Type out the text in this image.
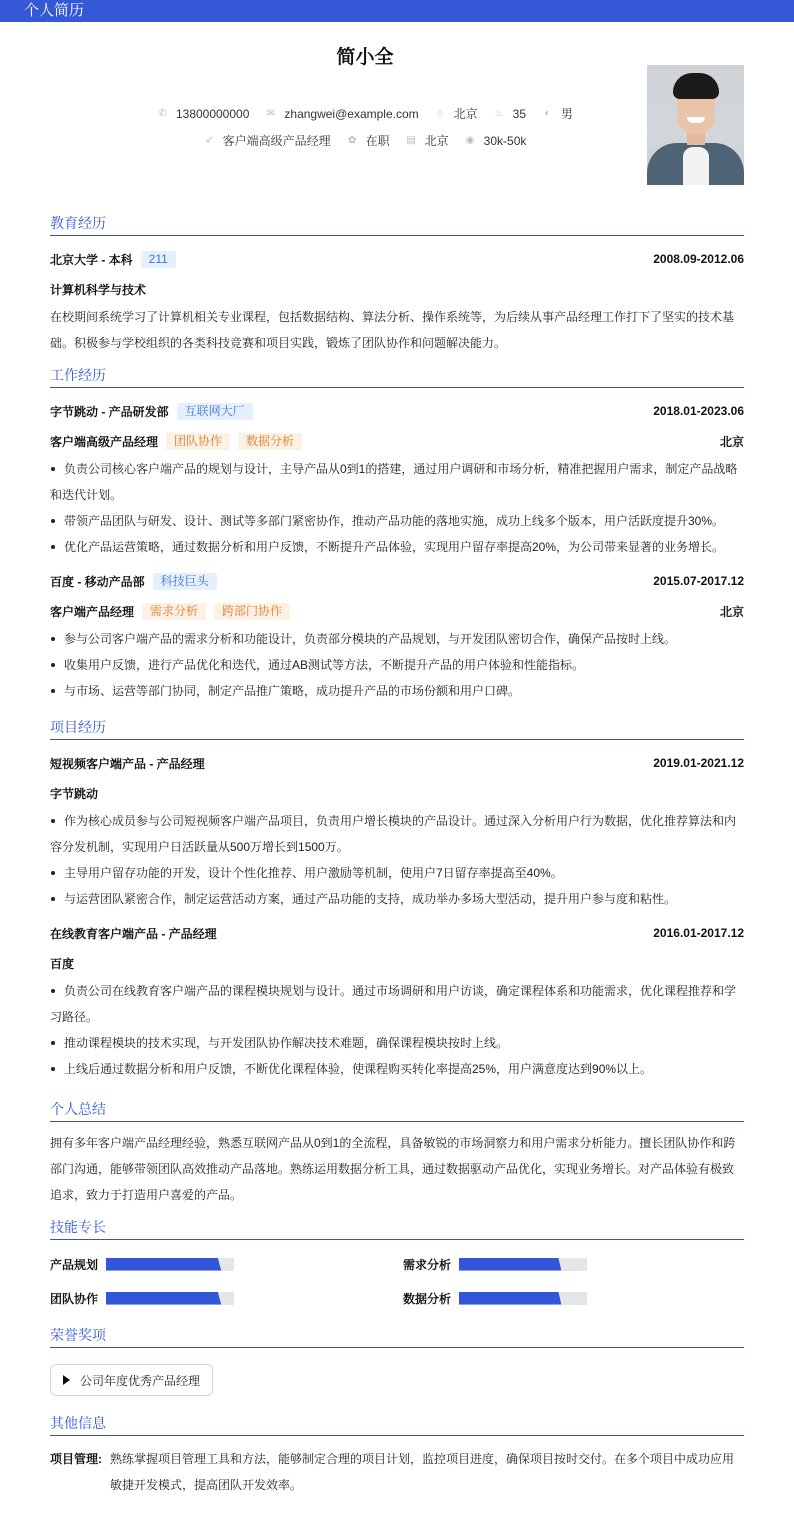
个人简历
简小全
✆ 13800000000 ✉ zhangwei@example.com ⌂ 北京 ♨ 35 ◐ 男
➶ 客户端高级产品经理 ✿ 在职 ▤ 北京 ◉ 30k-50k
教育经历
北京大学 - 本科	211	2008.09-2012.06
计算机科学与技术
在校期间系统学习了计算机相关专业课程，包括数据结构、算法分析、操作系统等，为后续从事产品经理工作打下了坚实的技术基础。积极参与学校组织的各类科技竞赛和项目实践，锻炼了团队协作和问题解决能力。
工作经历
字节跳动 - 产品研发部	互联网大厂	2018.01-2023.06
客户端高级产品经理	团队协作	数据分析	北京
负责公司核心客户端产品的规划与设计，主导产品从0到1的搭建，通过用户调研和市场分析，精准把握用户需求，制定产品战略和迭代计划。
带领产品团队与研发、设计、测试等多部门紧密协作，推动产品功能的落地实施，成功上线多个版本，用户活跃度提升30%。
优化产品运营策略，通过数据分析和用户反馈，不断提升产品体验，实现用户留存率提高20%，为公司带来显著的业务增长。
百度 - 移动产品部	科技巨头	2015.07-2017.12
客户端产品经理	需求分析	跨部门协作	北京
参与公司客户端产品的需求分析和功能设计，负责部分模块的产品规划，与开发团队密切合作，确保产品按时上线。
收集用户反馈，进行产品优化和迭代，通过AB测试等方法，不断提升产品的用户体验和性能指标。
与市场、运营等部门协同，制定产品推广策略，成功提升产品的市场份额和用户口碑。
项目经历
短视频客户端产品 - 产品经理	2019.01-2021.12
字节跳动
作为核心成员参与公司短视频客户端产品项目，负责用户增长模块的产品设计。通过深入分析用户行为数据，优化推荐算法和内容分发机制，实现用户日活跃量从500万增长到1500万。
主导用户留存功能的开发，设计个性化推荐、用户激励等机制，使用户7日留存率提高至40%。
与运营团队紧密合作，制定运营活动方案，通过产品功能的支持，成功举办多场大型活动，提升用户参与度和粘性。
在线教育客户端产品 - 产品经理	2016.01-2017.12
百度
负责公司在线教育客户端产品的课程模块规划与设计。通过市场调研和用户访谈，确定课程体系和功能需求，优化课程推荐和学习路径。
推动课程模块的技术实现，与开发团队协作解决技术难题，确保课程模块按时上线。
上线后通过数据分析和用户反馈，不断优化课程体验，使课程购买转化率提高25%，用户满意度达到90%以上。
个人总结
拥有多年客户端产品经理经验，熟悉互联网产品从0到1的全流程，具备敏锐的市场洞察力和用户需求分析能力。擅长团队协作和跨部门沟通，能够带领团队高效推动产品落地。熟练运用数据分析工具，通过数据驱动产品优化，实现业务增长。对产品体验有极致追求，致力于打造用户喜爱的产品。
技能专长
产品规划	需求分析
团队协作	数据分析
荣誉奖项
公司年度优秀产品经理
其他信息
项目管理: 熟练掌握项目管理工具和方法，能够制定合理的项目计划，监控项目进度，确保项目按时交付。在多个项目中成功应用敏捷开发模式，提高团队开发效率。
